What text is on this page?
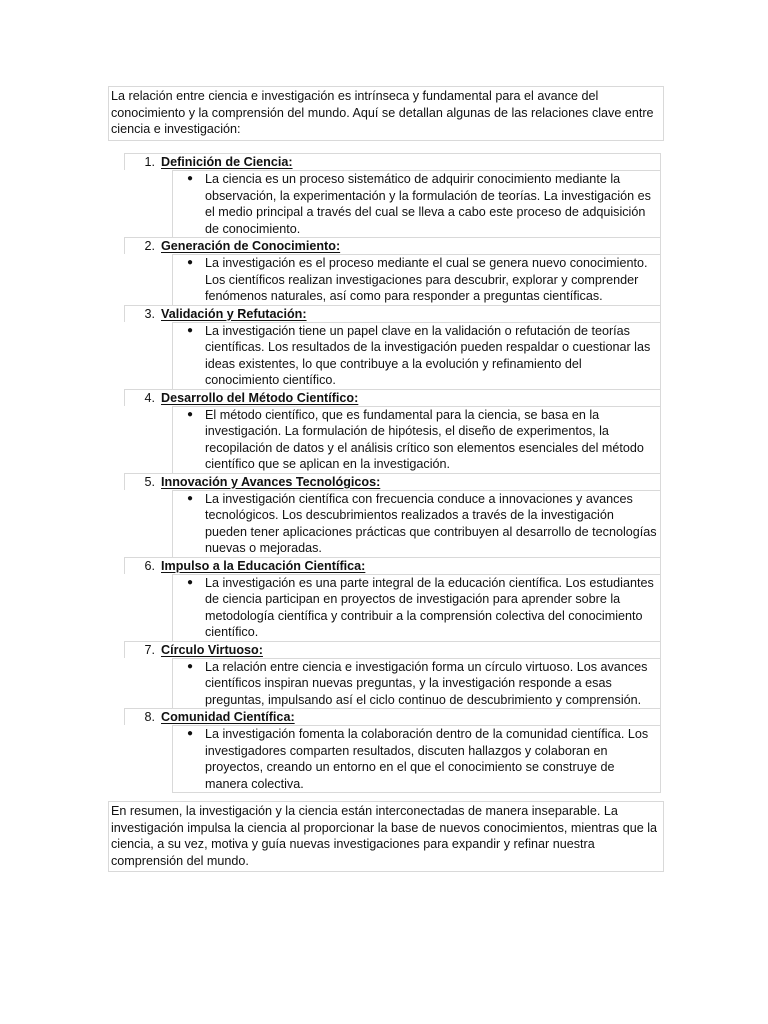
La relación entre ciencia e investigación es intrínseca y fundamental para el avance del conocimiento y la comprensión del mundo. Aquí se detallan algunas de las relaciones clave entre ciencia e investigación:
1. Definición de Ciencia:
● La ciencia es un proceso sistemático de adquirir conocimiento mediante la observación, la experimentación y la formulación de teorías. La investigación es el medio principal a través del cual se lleva a cabo este proceso de adquisición de conocimiento.
2. Generación de Conocimiento:
● La investigación es el proceso mediante el cual se genera nuevo conocimiento. Los científicos realizan investigaciones para descubrir, explorar y comprender fenómenos naturales, así como para responder a preguntas científicas.
3. Validación y Refutación:
● La investigación tiene un papel clave en la validación o refutación de teorías científicas. Los resultados de la investigación pueden respaldar o cuestionar las ideas existentes, lo que contribuye a la evolución y refinamiento del conocimiento científico.
4. Desarrollo del Método Científico:
● El método científico, que es fundamental para la ciencia, se basa en la investigación. La formulación de hipótesis, el diseño de experimentos, la recopilación de datos y el análisis crítico son elementos esenciales del método científico que se aplican en la investigación.
5. Innovación y Avances Tecnológicos:
● La investigación científica con frecuencia conduce a innovaciones y avances tecnológicos. Los descubrimientos realizados a través de la investigación pueden tener aplicaciones prácticas que contribuyen al desarrollo de tecnologías nuevas o mejoradas.
6. Impulso a la Educación Científica:
● La investigación es una parte integral de la educación científica. Los estudiantes de ciencia participan en proyectos de investigación para aprender sobre la metodología científica y contribuir a la comprensión colectiva del conocimiento científico.
7. Círculo Virtuoso:
● La relación entre ciencia e investigación forma un círculo virtuoso. Los avances científicos inspiran nuevas preguntas, y la investigación responde a esas preguntas, impulsando así el ciclo continuo de descubrimiento y comprensión.
8. Comunidad Científica:
● La investigación fomenta la colaboración dentro de la comunidad científica. Los investigadores comparten resultados, discuten hallazgos y colaboran en proyectos, creando un entorno en el que el conocimiento se construye de manera colectiva.
En resumen, la investigación y la ciencia están interconectadas de manera inseparable. La investigación impulsa la ciencia al proporcionar la base de nuevos conocimientos, mientras que la ciencia, a su vez, motiva y guía nuevas investigaciones para expandir y refinar nuestra comprensión del mundo.
